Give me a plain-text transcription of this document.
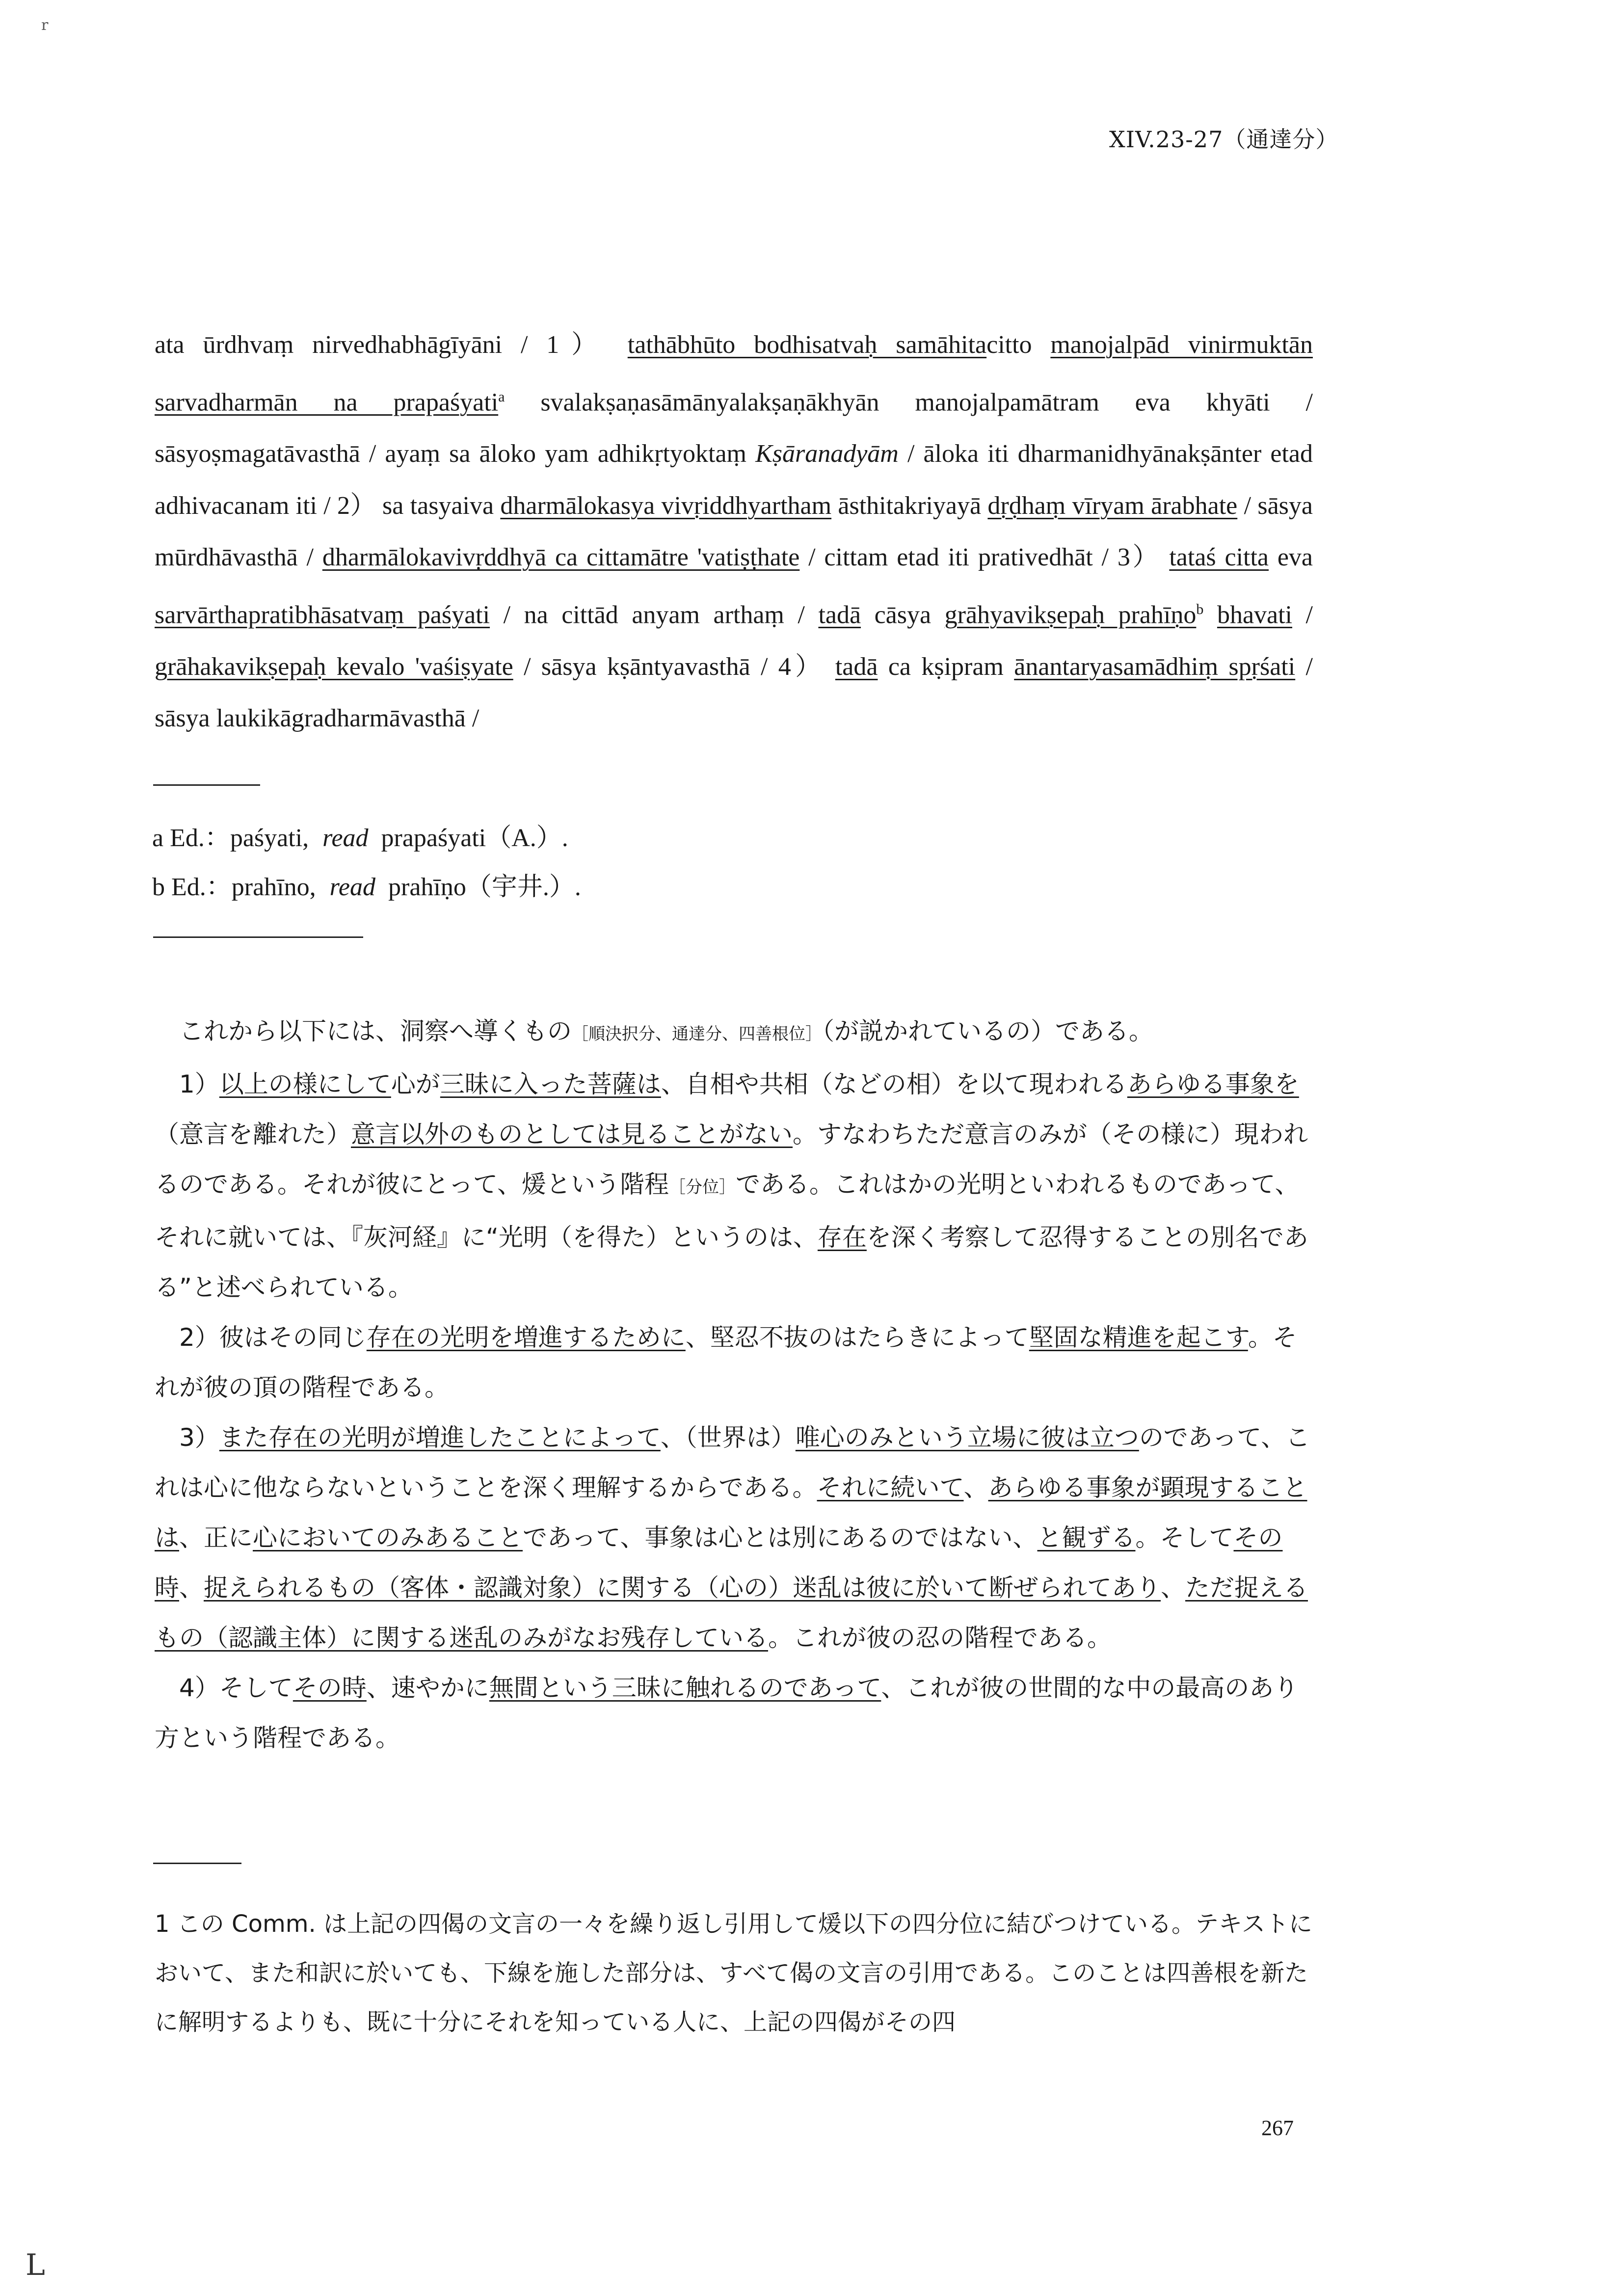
r
XIV.23-27（通達分）
ata ūrdhvaṃ nirvedhabhāgīyāni / 1） tathābhūto bodhisatvaḥ samāhitacitto manojalpād vinirmuktān sarvadharmān na prapaśyati$^a$ svalakṣaṇasāmānyalakṣaṇākhyān manojalpamātram eva khyāti / sāsyoṣmagatāvasthā / ayaṃ sa āloko yam adhikṛtyoktaṃ Kṣāranadyām / āloka iti dharmanidhyānakṣānter etad adhivacanam iti / 2） sa tasyaiva dharmālokasya vivṛiddhyartham āsthitakriyayā dṛḍhaṃ vīryam ārabhate / sāsya mūrdhāvasthā / dharmālokavivṛddhyā ca cittamātre 'vatiṣṭhate / cittam etad iti prativedhāt / 3） tataś citta eva sarvārthapratibhāsatvaṃ paśyati / na cittād anyam arthaṃ / tadā cāsya grāhyavikṣepaḥ prahīṇo$^b$ bhavati / grāhakavikṣepaḥ kevalo 'vaśiṣyate / sāsya kṣāntyavasthā / 4） tadā ca kṣipram ānantaryasamādhiṃ spṛśati / sāsya laukikāgradharmāvasthā /
a Ed.：paśyati, read prapaśyati（A.）.
b Ed.：prahīno, read prahīṇo（宇井.）.

これから以下には、洞察へ導くもの［順決択分、通達分、四善根位］（が説かれているの）である。

1）以上の様にして心が三昧に入った菩薩は、自相や共相（などの相）を以て現われるあらゆる事象を（意言を離れた）意言以外のものとしては見ることがない。すなわちただ意言のみが（その様に）現われるのである。それが彼にとって、煖という階程［分位］である。これはかの光明といわれるものであって、それに就いては、『灰河経』に“光明（を得た）というのは、存在を深く考察して忍得することの別名である”と述べられている。

2）彼はその同じ存在の光明を増進するために、堅忍不抜のはたらきによって堅固な精進を起こす。それが彼の頂の階程である。

3）また存在の光明が増進したことによって、（世界は）唯心のみという立場に彼は立つのであって、これは心に他ならないということを深く理解するからである。それに続いて、あらゆる事象が顕現することは、正に心においてのみあることであって、事象は心とは別にあるのではない、と観ずる。そしてその時、捉えられるもの（客体・認識対象）に関する（心の）迷乱は彼に於いて断ぜられてあり、ただ捉えるもの（認識主体）に関する迷乱のみがなお残存している。これが彼の忍の階程である。

4）そしてその時、速やかに無間という三昧に触れるのであって、これが彼の世間的な中の最高のあり方という階程である。

1 この Comm. は上記の四偈の文言の一々を繰り返し引用して煖以下の四分位に結びつけている。テキストにおいて、また和訳に於いても、下線を施した部分は、すべて偈の文言の引用である。このことは四善根を新たに解明するよりも、既に十分にそれを知っている人に、上記の四偈がその四
267
L
